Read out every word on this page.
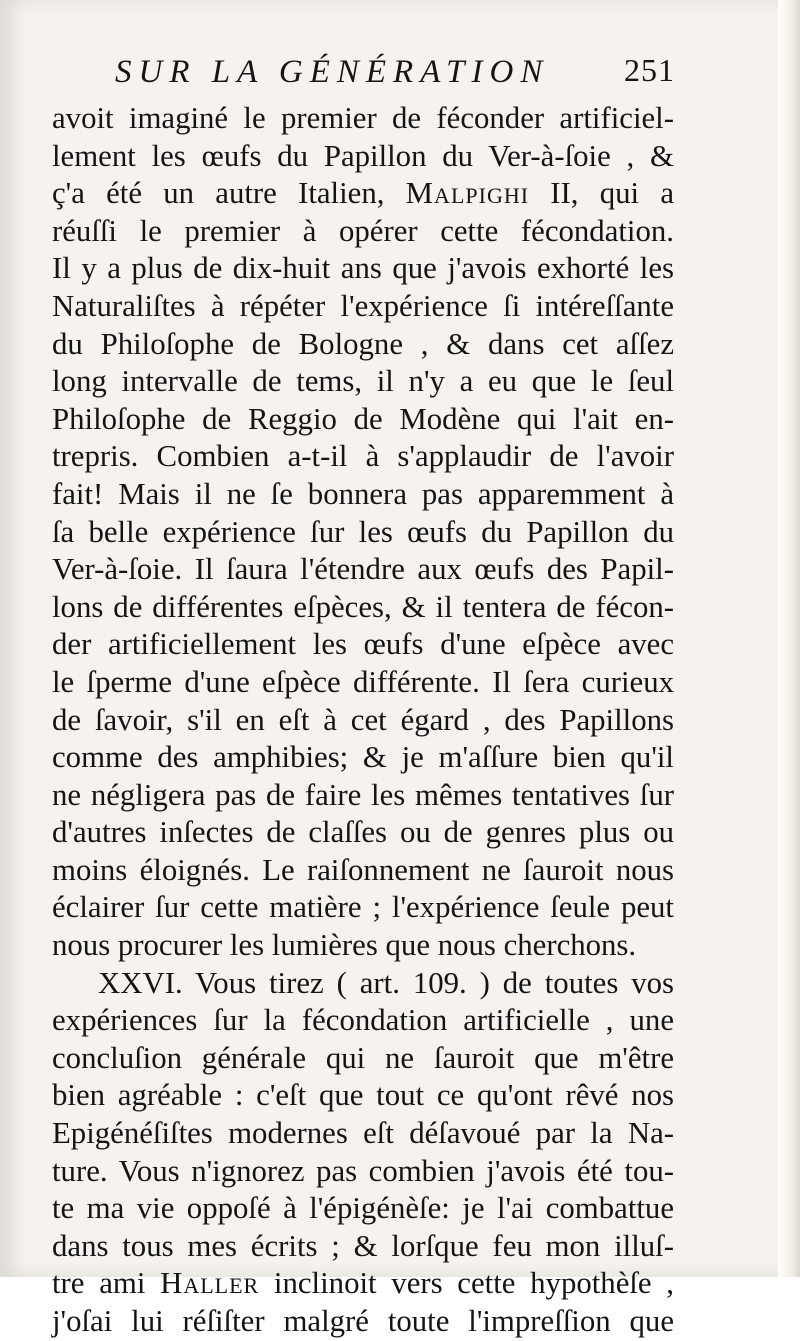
SUR LA GÉNÉRATION 251
avoit imaginé le premier de féconder artificiel-
lement les œufs du Papillon du Ver-à-ſoie , &
ç'a été un autre Italien, Malpighi II, qui a
réuſſi le premier à opérer cette fécondation.
Il y a plus de dix-huit ans que j'avois exhorté les
Naturaliſtes à répéter l'expérience ſi intéreſſante
du Philoſophe de Bologne , & dans cet aſſez
long intervalle de tems, il n'y a eu que le ſeul
Philoſophe de Reggio de Modène qui l'ait en-
trepris. Combien a-t-il à s'applaudir de l'avoir
fait! Mais il ne ſe bonnera pas apparemment à
ſa belle expérience ſur les œufs du Papillon du
Ver-à-ſoie. Il ſaura l'étendre aux œufs des Papil-
lons de différentes eſpèces, & il tentera de fécon-
der artificiellement les œufs d'une eſpèce avec
le ſperme d'une eſpèce différente. Il ſera curieux
de ſavoir, s'il en eſt à cet égard , des Papillons
comme des amphibies; & je m'aſſure bien qu'il
ne négligera pas de faire les mêmes tentatives ſur
d'autres inſectes de claſſes ou de genres plus ou
moins éloignés. Le raiſonnement ne ſauroit nous
éclairer ſur cette matière ; l'expérience ſeule peut
nous procurer les lumières que nous cherchons.
XXVI. Vous tirez ( art. 109. ) de toutes vos
expériences ſur la fécondation artificielle , une
concluſion générale qui ne ſauroit que m'être
bien agréable : c'eſt que tout ce qu'ont rêvé nos
Epigénéſiſtes modernes eſt déſavoué par la Na-
ture. Vous n'ignorez pas combien j'avois été tou-
te ma vie oppoſé à l'épigénèſe: je l'ai combattue
dans tous mes écrits ; & lorſque feu mon illuſ-
tre ami Haller inclinoit vers cette hypothèſe ,
j'oſai lui réſiſter malgré toute l'impreſſion que
